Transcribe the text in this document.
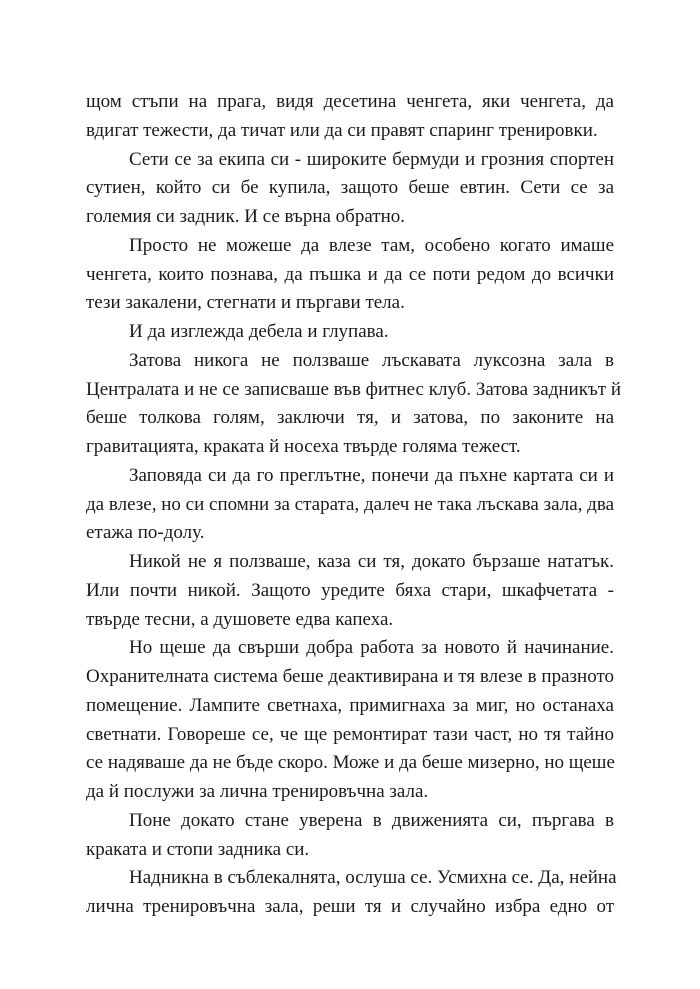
щом стъпи на прага, видя десетина ченгета, яки ченгета, да
вдигат тежести, да тичат или да си правят спаринг тренировки.
Сети се за екипа си - широките бермуди и грозния спортен
сутиен, който си бе купила, защото беше евтин. Сети се за
големия си задник. И се върна обратно.
Просто не можеше да влезе там, особено когато имаше
ченгета, които познава, да пъшка и да се поти редом до всички
тези закалени, стегнати и пъргави тела.
И да изглежда дебела и глупава.
Затова никога не ползваше лъскавата луксозна зала в
Централата и не се записваше във фитнес клуб. Затова задникът й
беше толкова голям, заключи тя, и затова, по законите на
гравитацията, краката й носеха твърде голяма тежест.
Заповяда си да го преглътне, понечи да пъхне картата си и
да влезе, но си спомни за старата, далеч не така лъскава зала, два
етажа по-долу.
Никой не я ползваше, каза си тя, докато бързаше нататък.
Или почти никой. Защото уредите бяха стари, шкафчетата -
твърде тесни, а душовете едва капеха.
Но щеше да свърши добра работа за новото й начинание.
Охранителната система беше деактивирана и тя влезе в празното
помещение. Лампите светнаха, примигнаха за миг, но останаха
светнати. Говореше се, че ще ремонтират тази част, но тя тайно
се надяваше да не бъде скоро. Може и да беше мизерно, но щеше
да й послужи за лична тренировъчна зала.
Поне докато стане уверена в движенията си, пъргава в
краката и стопи задника си.
Надникна в съблекалнята, ослуша се. Усмихна се. Да, нейна
лична тренировъчна зала, реши тя и случайно избра едно от
